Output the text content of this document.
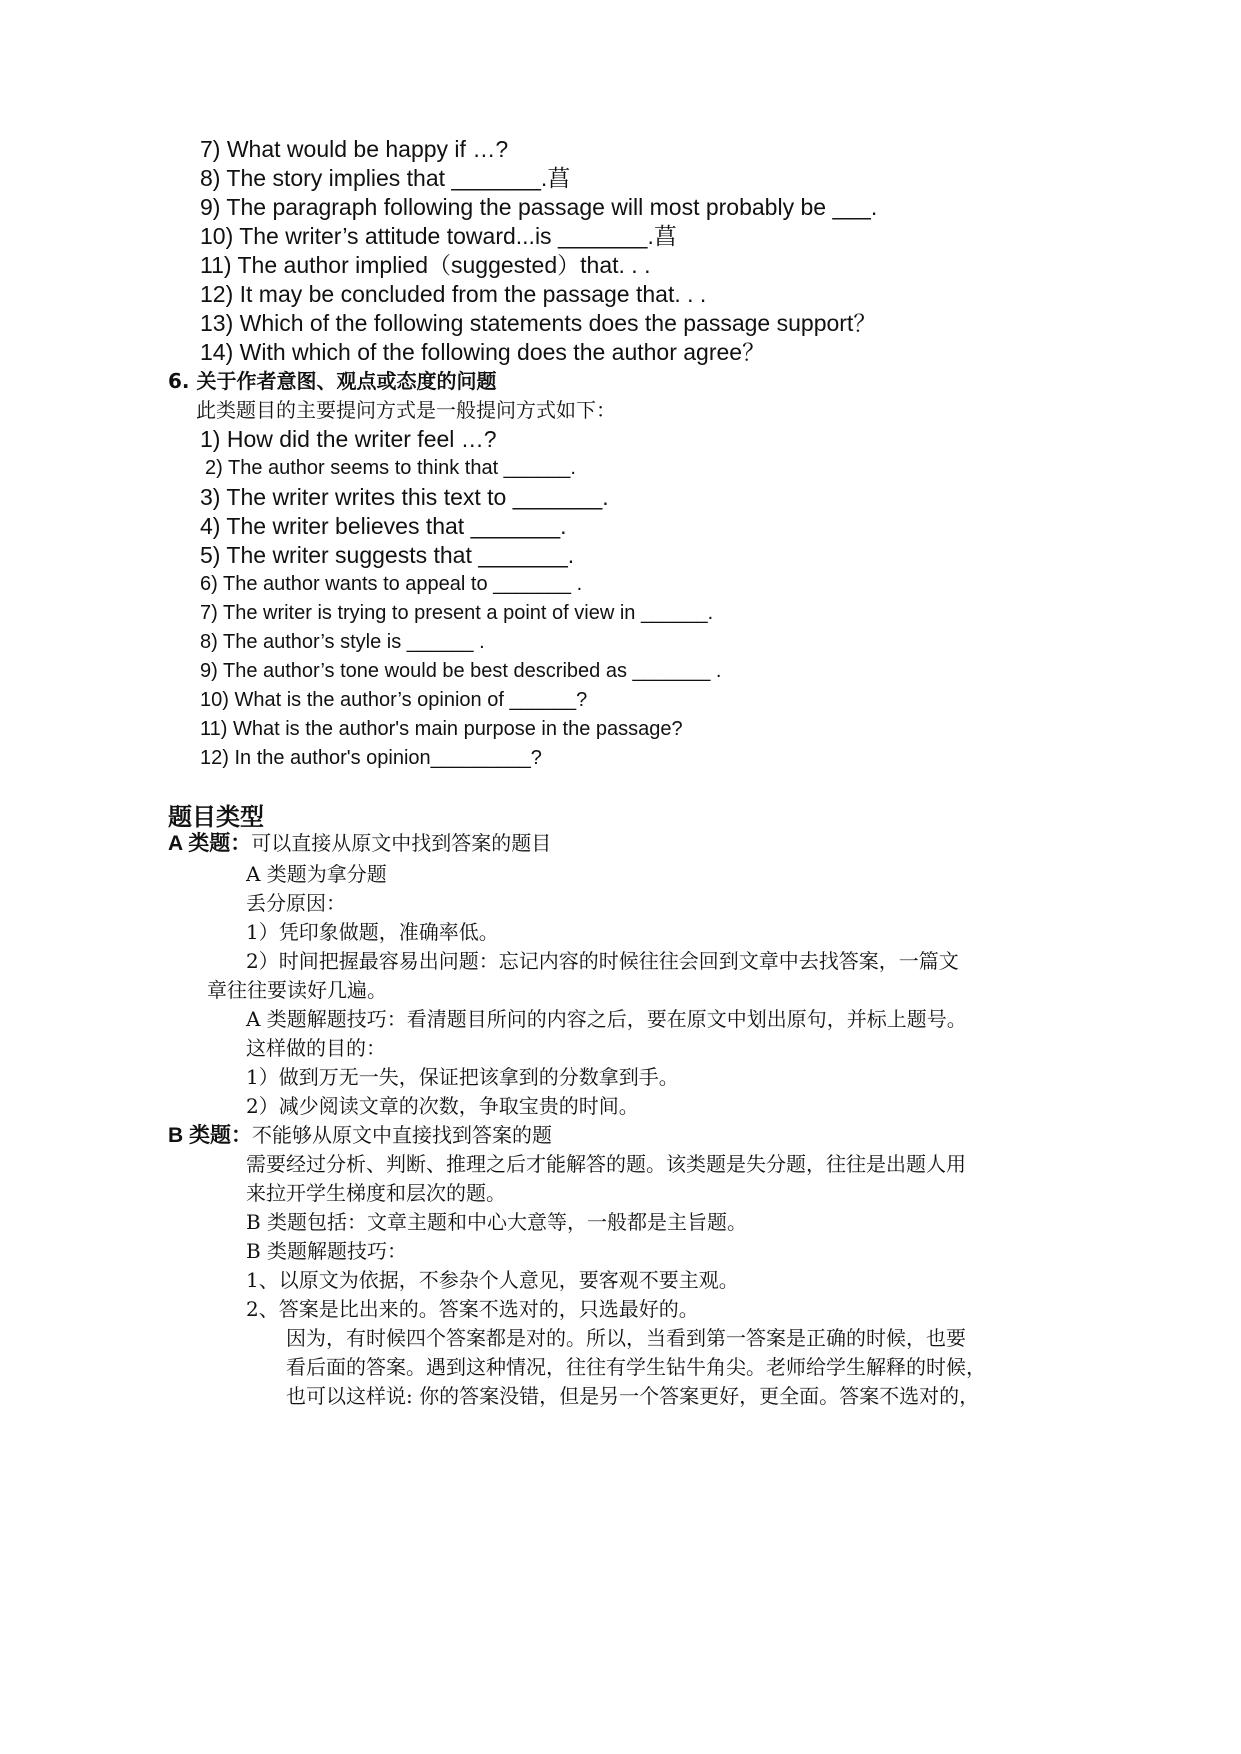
7) What would be happy if …?
8) The story implies that _______.菖
9) The paragraph following the passage will most probably be ___.
10) The writer’s attitude toward...is _______.菖
11) The author implied（suggested）that. . .
12) It may be concluded from the passage that. . .
13) Which of the following statements does the passage support？
14) With which of the following does the author agree？
6. 关于作者意图、观点或态度的问题
此类题目的主要提问方式是一般提问方式如下：
1) How did the writer feel …?
2) The author seems to think that ______.
3) The writer writes this text to _______.
4) The writer believes that _______.
5) The writer suggests that _______.
6) The author wants to appeal to _______ .
7) The writer is trying to present a point of view in ______.
8) The author’s style is ______ .
9) The author’s tone would be best described as _______ .
10) What is the author’s opinion of ______?
11) What is the author's main purpose in the passage?
12) In the author's opinion_________?
题目类型
A 类题：可以直接从原文中找到答案的题目
A 类题为拿分题
丢分原因：
1）凭印象做题，准确率低。
2）时间把握最容易出问题：忘记内容的时候往往会回到文章中去找答案，一篇文
章往往要读好几遍。
A 类题解题技巧：看清题目所问的内容之后，要在原文中划出原句，并标上题号。
这样做的目的：
1）做到万无一失，保证把该拿到的分数拿到手。
2）减少阅读文章的次数，争取宝贵的时间。
B 类题：不能够从原文中直接找到答案的题
需要经过分析、判断、推理之后才能解答的题。该类题是失分题，往往是出题人用
来拉开学生梯度和层次的题。
B 类题包括：文章主题和中心大意等，一般都是主旨题。
B 类题解题技巧：
1、以原文为依据，不参杂个人意见，要客观不要主观。
2、答案是比出来的。答案不选对的，只选最好的。
因为，有时候四个答案都是对的。所以，当看到第一答案是正确的时候，也要
看后面的答案。遇到这种情况，往往有学生钻牛角尖。老师给学生解释的时候，
也可以这样说: 你的答案没错，但是另一个答案更好，更全面。答案不选对的，
